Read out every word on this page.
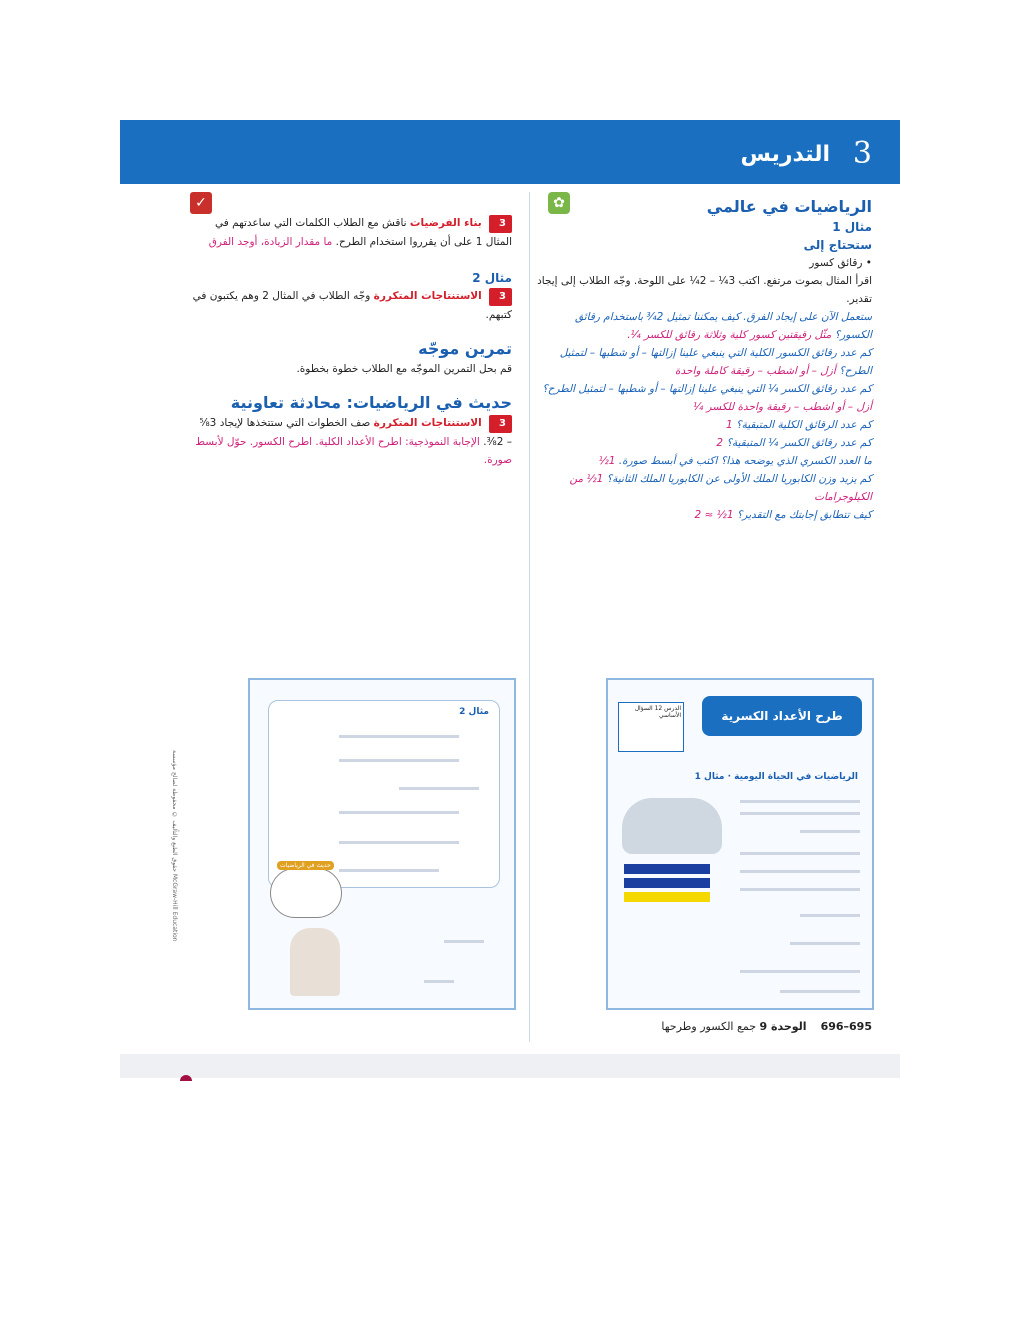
3
التدريس
✿
✓	الرياضيات في عالمي

مثال 1

ستحتاج إلى

• رقائق كسور

اقرأ المثال بصوت مرتفع. اكتب 3¼ – 2¼ على اللوحة. وجّه الطلاب إلى إيجاد تقدير.

ستعمل الآن على إيجاد الفرق. كيف يمكننا تمثيل 2¾ باستخدام رقائق الكسور؟ مثّل رقيقتين كسور كلية وثلاثة رقائق للكسر ¼.

كم عدد رقائق الكسور الكلية التي ينبغي علينا إزالتها – أو شطبها – لتمثيل الطرح؟ أزل – أو اشطب – رقيقة كاملة واحدة

كم عدد رقائق الكسر ¼ التي ينبغي علينا إزالتها – أو شطبها – لتمثيل الطرح؟ أزل – أو اشطب – رقيقة واحدة للكسر ¼

كم عدد الرقائق الكلية المتبقية؟ 1

كم عدد رقائق الكسر ¼ المتبقية؟ 2

ما العدد الكسري الذي يوضحه هذا؟ اكتب في أبسط صورة. 1½

كم يزيد وزن الكابوريا الملك الأولى عن الكابوريا الملك الثانية؟ 1½ من الكيلوجرامات

كيف تتطابق إجابتك مع التقدير؟ 1½ ≈ 2

3 بناء الفرضيات ناقش مع الطلاب الكلمات التي ساعدتهم في المثال 1 على أن يقرروا استخدام الطرح. ما مقدار الزيادة، أوجد الفرق

مثال 2

3 الاستنتاجات المتكررة وجّه الطلاب في المثال 2 وهم يكتبون في كتبهم.

تمرين موجّه

قم بحل التمرين الموجّه مع الطلاب خطوة بخطوة.

حديث في الرياضيات: محادثة تعاونية

3 الاستنتاجات المتكررة صف الخطوات التي ستتخذها لإيجاد 3⅝ – 2⅜. الإجابة النموذجية: اطرح الأعداد الكلية. اطرح الكسور. حوّل لأبسط صورة.

طرح الأعداد الكسرية
الدرس 12 السؤال الأساسي
الرياضيات في الحياة اليومية · مثال 1
مثال 2
حديث في الرياضيات
حقوق الطبع والتأليف © محفوظة لصالح مؤسسة McGraw-Hill Education
695–696    الوحدة 9 جمع الكسور وطرحها
